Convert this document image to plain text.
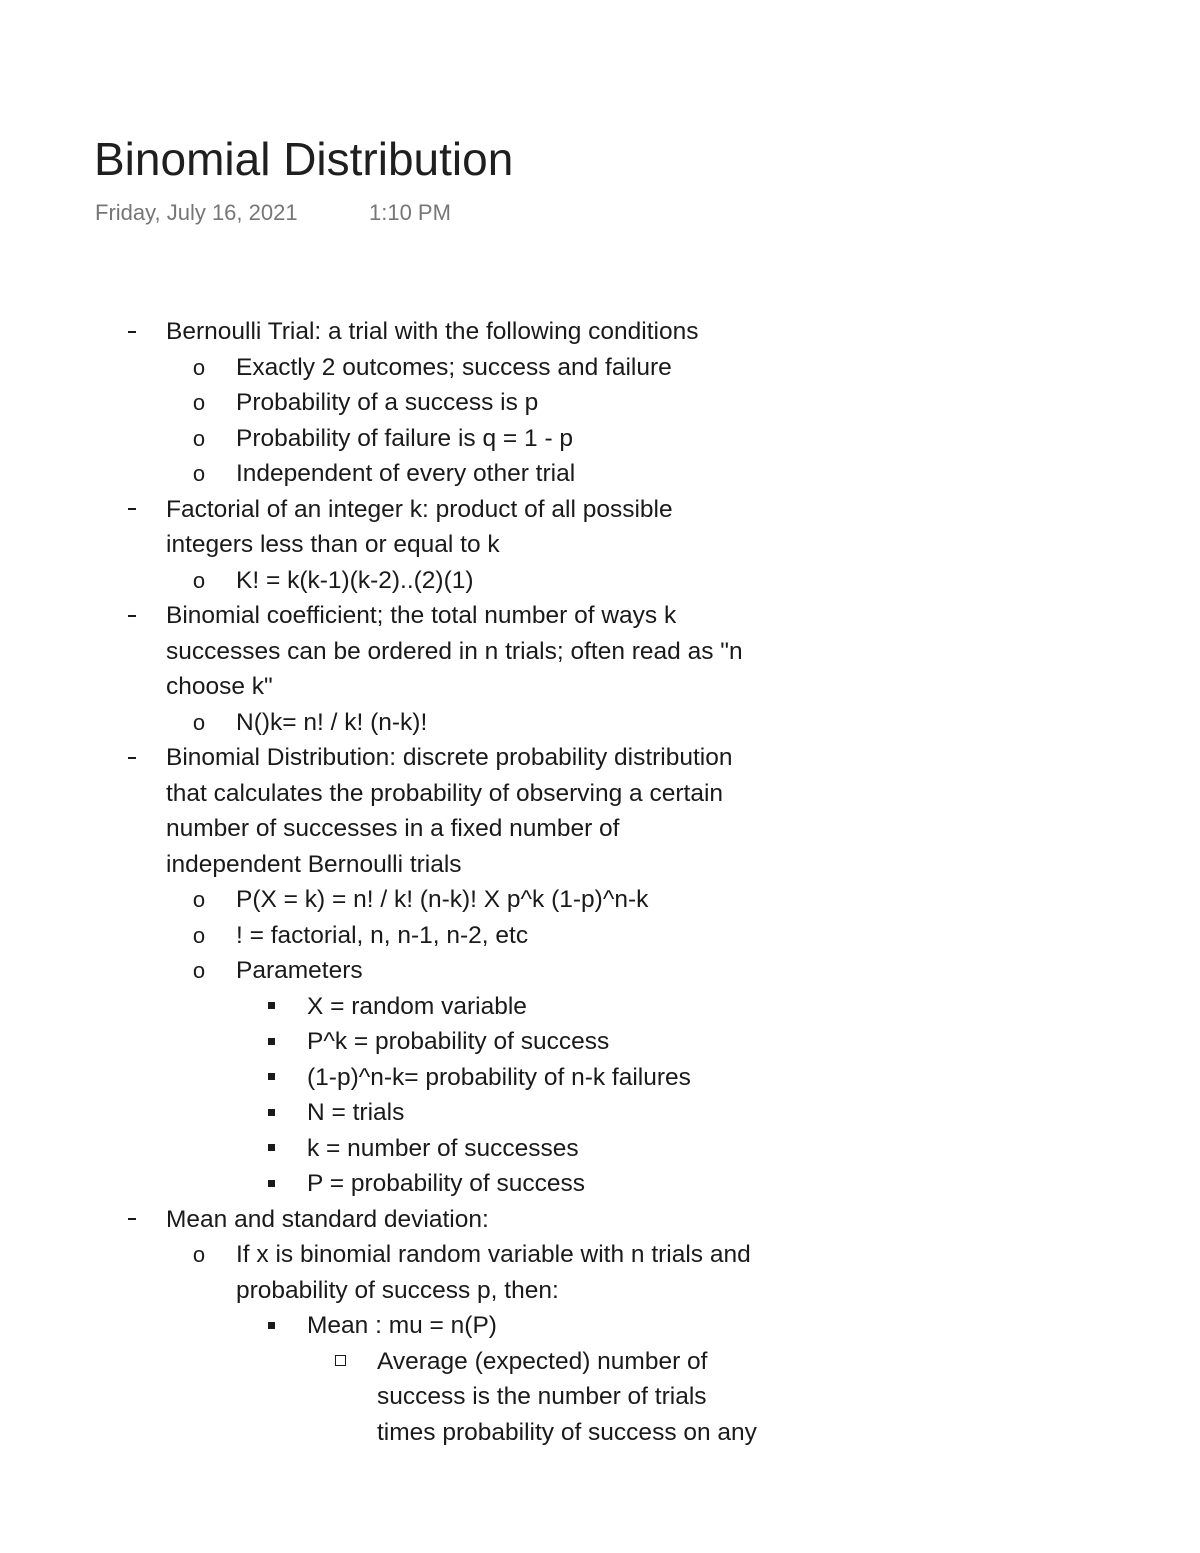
Binomial Distribution
Friday, July 16, 2021	1:10 PM
Bernoulli Trial: a trial with the following conditions
o Exactly 2 outcomes; success and failure
o Probability of a success is p
o Probability of failure is q = 1 - p
o Independent of every other trial
Factorial of an integer k: product of all possible
integers less than or equal to k
o K! = k(k-1)(k-2)..(2)(1)
Binomial coefficient; the total number of ways k
successes can be ordered in n trials; often read as "n
choose k"
o N()k= n! / k! (n-k)!
Binomial Distribution: discrete probability distribution
that calculates the probability of observing a certain
number of successes in a fixed number of
independent Bernoulli trials
o P(X = k) = n! / k! (n-k)! X p^k (1-p)^n-k
o ! = factorial, n, n-1, n-2, etc
o Parameters
X = random variable
P^k = probability of success
(1-p)^n-k= probability of n-k failures
N = trials
k = number of successes
P = probability of success
Mean and standard deviation:
o If x is binomial random variable with n trials and
probability of success p, then:
Mean : mu = n(P)
Average (expected) number of
success is the number of trials
times probability of success on any
